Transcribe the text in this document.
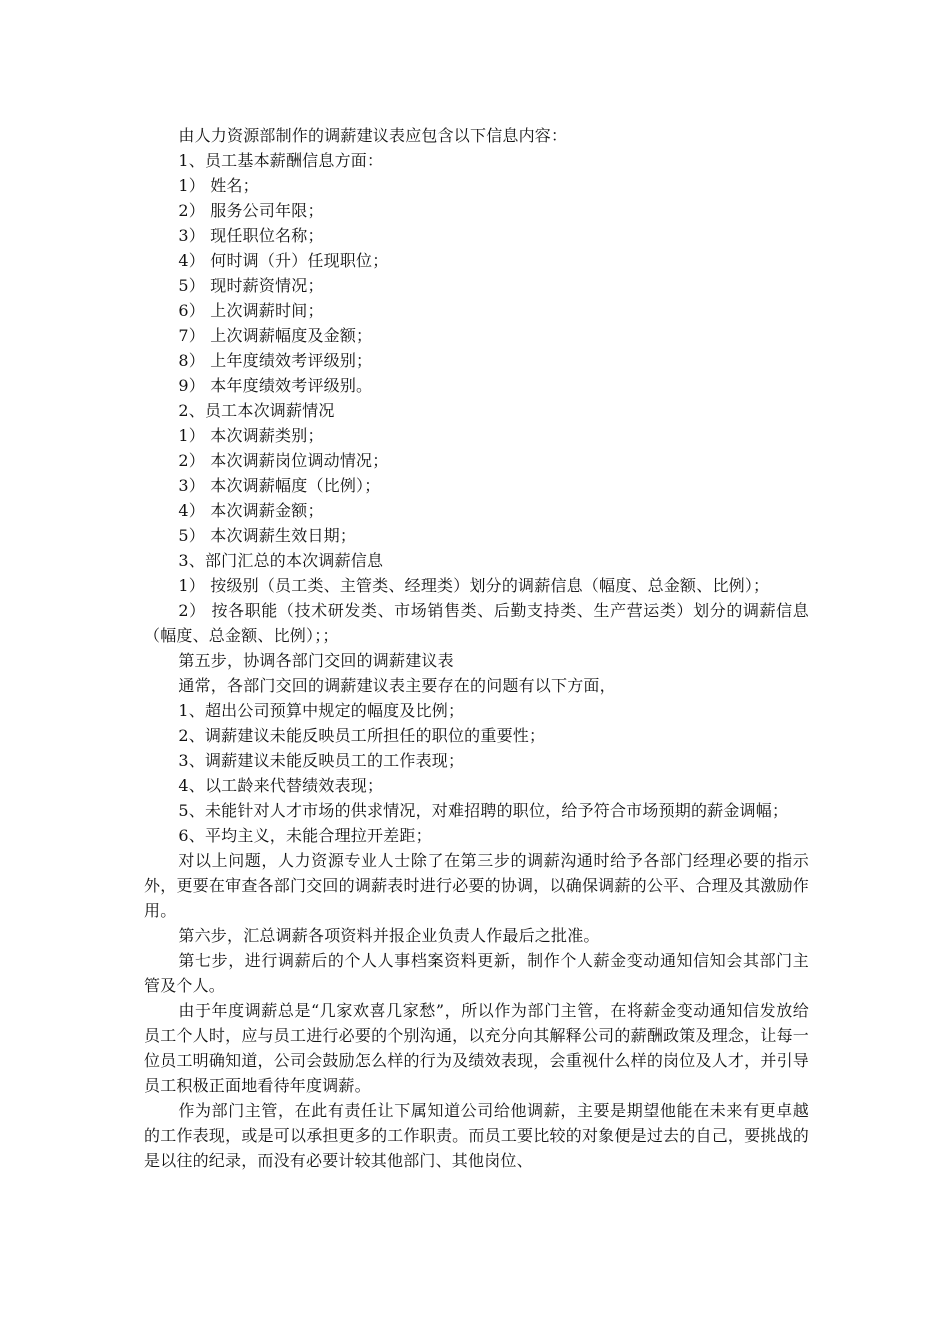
由人力资源部制作的调薪建议表应包含以下信息内容：

1、员工基本薪酬信息方面：

1） 姓名；

2） 服务公司年限；

3） 现任职位名称；

4） 何时调（升）任现职位；

5） 现时薪资情况；

6） 上次调薪时间；

7） 上次调薪幅度及金额；

8） 上年度绩效考评级别；

9） 本年度绩效考评级别。

2、员工本次调薪情况

1） 本次调薪类别；

2） 本次调薪岗位调动情况；

3） 本次调薪幅度（比例）；

4） 本次调薪金额；

5） 本次调薪生效日期；

3、部门汇总的本次调薪信息

1） 按级别（员工类、主管类、经理类）划分的调薪信息（幅度、总金额、比例）；

2） 按各职能（技术研发类、市场销售类、后勤支持类、生产营运类）划分的调薪信息（幅度、总金额、比例）；；

第五步，协调各部门交回的调薪建议表

通常，各部门交回的调薪建议表主要存在的问题有以下方面，

1、超出公司预算中规定的幅度及比例；

2、调薪建议未能反映员工所担任的职位的重要性；

3、调薪建议未能反映员工的工作表现；

4、以工龄来代替绩效表现；

5、未能针对人才市场的供求情况，对难招聘的职位，给予符合市场预期的薪金调幅；

6、平均主义，未能合理拉开差距；

对以上问题，人力资源专业人士除了在第三步的调薪沟通时给予各部门经理必要的指示外，更要在审查各部门交回的调薪表时进行必要的协调，以确保调薪的公平、合理及其激励作用。

第六步，汇总调薪各项资料并报企业负责人作最后之批准。

第七步，进行调薪后的个人人事档案资料更新，制作个人薪金变动通知信知会其部门主管及个人。

由于年度调薪总是“几家欢喜几家愁”，所以作为部门主管，在将薪金变动通知信发放给员工个人时，应与员工进行必要的个别沟通，以充分向其解释公司的薪酬政策及理念，让每一位员工明确知道，公司会鼓励怎么样的行为及绩效表现，会重视什么样的岗位及人才，并引导员工积极正面地看待年度调薪。

作为部门主管，在此有责任让下属知道公司给他调薪，主要是期望他能在未来有更卓越的工作表现，或是可以承担更多的工作职责。而员工要比较的对象便是过去的自己，要挑战的是以往的纪录，而没有必要计较其他部门、其他岗位、
